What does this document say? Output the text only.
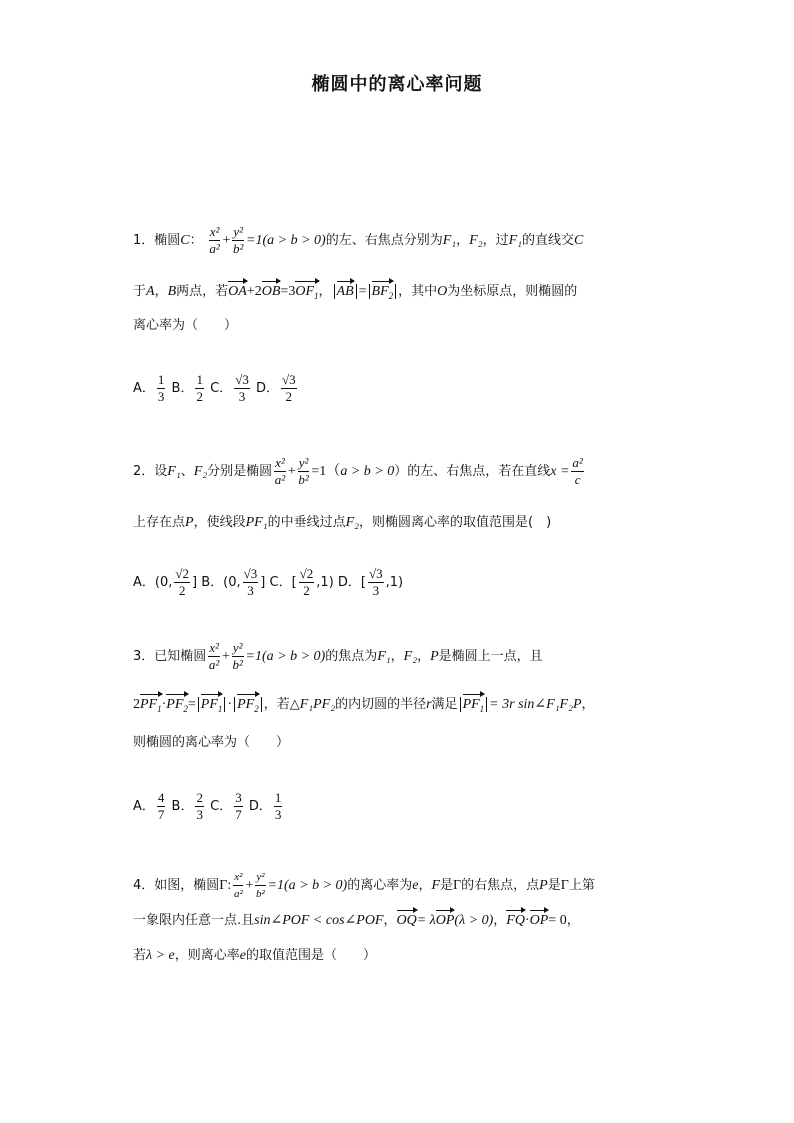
椭圆中的离心率问题
1．椭圆C： $\frac{\text{x²}}{\text{a²}} + \frac{\text{y²}}{\text{b²}} =1(a > b > 0)$的左、右焦点分别为F₁，F₂，过F₁的直线交C
于A，B两点，若$OA+2OB=3OF_1$， AB = $BF_2$ ，其中O为坐标原点，则椭圆的
离心率为（　　）
A． $\frac{1}{3}$ B． $\frac{1}{2}$ C． $\frac{√3}{3}$ D． $\frac{√3}{2}$
2．设F₁、F₂分别是椭圆 $\frac{\text{x²}}{\text{a²}} + \frac{\text{y²}}{\text{b²}} =1(a > b > 0)$的左、右焦点，若在直线$x = \frac{\text{a²}}{c}$
上存在点P，使线段PF₁的中垂线过点F₂，则椭圆离心率的取值范围是(　)
A．(0, $\frac{√2}{2}$ ] B．(0, $\frac{√3}{3}$ ] C．[ $\frac{√2}{2} ,1$) D．[ $\frac{√3}{3} ,1$)
3．已知椭圆 $\frac{\text{x²}}{\text{a²}} + \frac{\text{y²}}{\text{b²}} =1(a > b > 0)$的焦点为F₁，F₂，P是椭圆上一点，且
$2PF_1\cdot PF_2= PF_1 \cdot PF_2$ ，若△F₁PF₂的内切圆的半径r满足 $PF_1 = 3r$ sin∠F₁F₂P，
则椭圆的离心率为（　　）
A． $\frac{4}{7}$ B． $\frac{2}{3}$ C． $\frac{3}{7}$ D． $\frac{1}{3}$
4．如图，椭圆Γ: $\frac{\text{x²}}{\text{a²}} + \frac{\text{y²}}{\text{b²}} =1(a > b > 0)$的离心率为e，F是Γ的右焦点，点P是Γ上第
一象限内任意一点.且sin∠POF < cos∠POF，OQ= λOP(λ > 0)，FQ·OP= 0，
若λ > e，则离心率e的取值范围是（　　）
